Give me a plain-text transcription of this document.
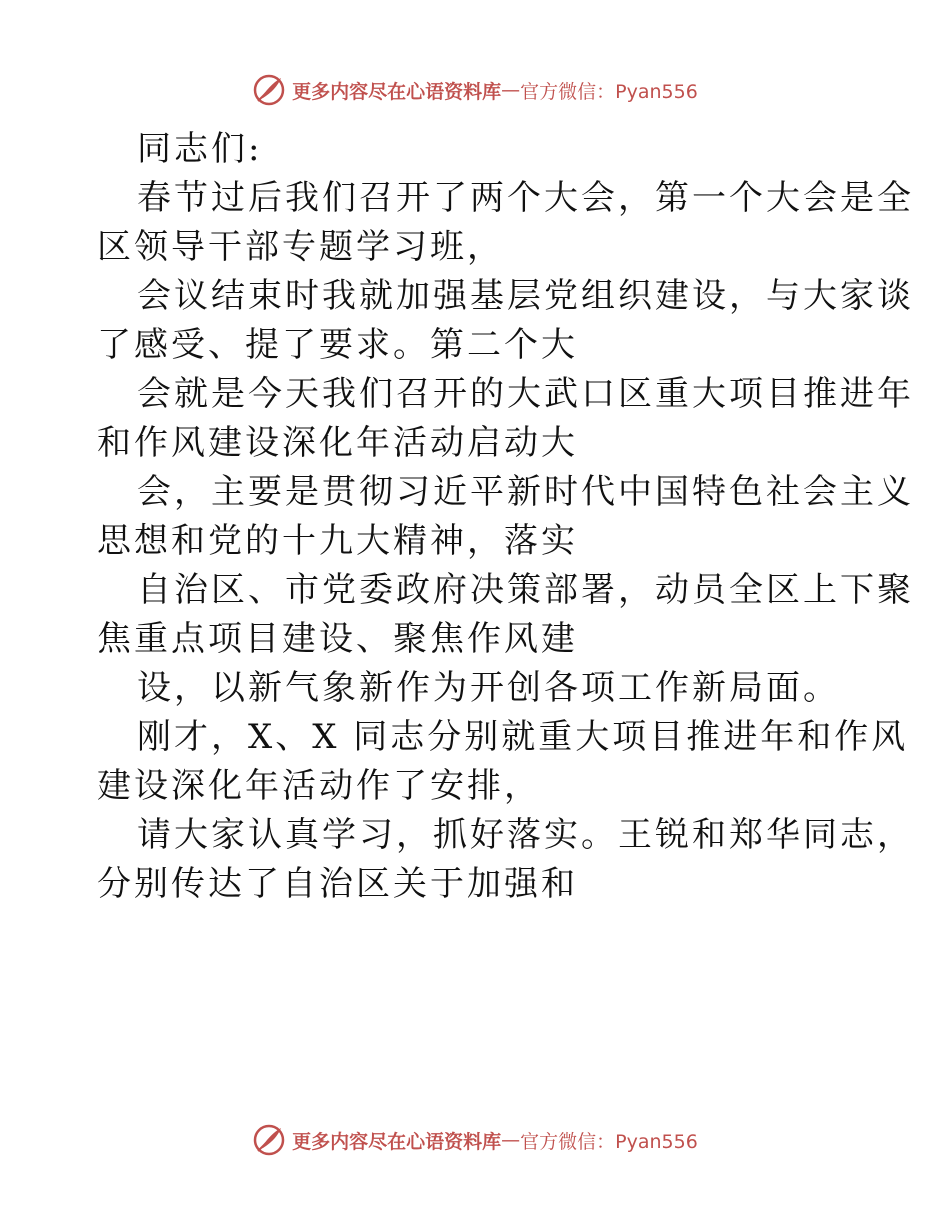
更多内容尽在心语资料库 — 官方微信：Pyan556
同志们:
春节过后我们召开了两个大会，第一个大会是全
区领导干部专题学习班，
会议结束时我就加强基层党组织建设，与大家谈
了感受、提了要求。第二个大
会就是今天我们召开的大武口区重大项目推进年
和作风建设深化年活动启动大
会，主要是贯彻习近平新时代中国特色社会主义
思想和党的十九大精神，落实
自治区、市党委政府决策部署，动员全区上下聚
焦重点项目建设、聚焦作风建
设，以新气象新作为开创各项工作新局面。
刚才，X、X 同志分别就重大项目推进年和作风
建设深化年活动作了安排，
请大家认真学习，抓好落实。王锐和郑华同志，
分别传达了自治区关于加强和
更多内容尽在心语资料库 — 官方微信：Pyan556
